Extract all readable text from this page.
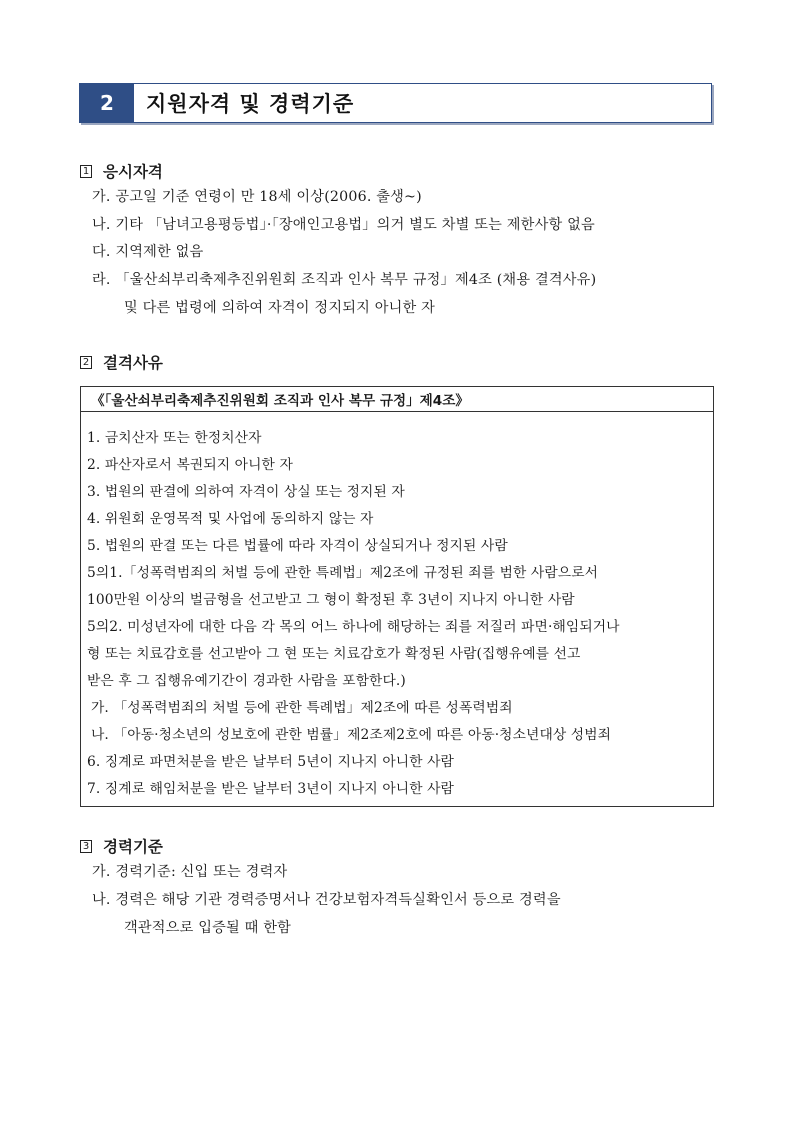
2	지원자격 및 경력기준
1 응시자격
가. 공고일 기준 연령이 만 18세 이상(2006. 출생~)
나. 기타 「남녀고용평등법」·「장애인고용법」의거 별도 차별 또는 제한사항 없음
다. 지역제한 없음
라. 「울산쇠부리축제추진위원회 조직과 인사 복무 규정」제4조 (채용 결격사유)
및 다른 법령에 의하여 자격이 정지되지 아니한 자
2 결격사유
《「울산쇠부리축제추진위원회 조직과 인사 복무 규정」제4조》
1. 금치산자 또는 한정치산자
2. 파산자로서 복권되지 아니한 자
3. 법원의 판결에 의하여 자격이 상실 또는 정지된 자
4. 위원회 운영목적 및 사업에 동의하지 않는 자
5. 법원의 판결 또는 다른 법률에 따라 자격이 상실되거나 정지된 사람
5의1.「성폭력범죄의 처벌 등에 관한 특례법」제2조에 규정된 죄를 범한 사람으로서
100만원 이상의 벌금형을 선고받고 그 형이 확정된 후 3년이 지나지 아니한 사람
5의2. 미성년자에 대한 다음 각 목의 어느 하나에 해당하는 죄를 저질러 파면·해임되거나
형 또는 치료감호를 선고받아 그 현 또는 치료감호가 확정된 사람(집행유예를 선고
받은 후 그 집행유예기간이 경과한 사람을 포함한다.)
가. 「성폭력범죄의 처벌 등에 관한 특례법」제2조에 따른 성폭력범죄
나. 「아동·청소년의 성보호에 관한 범률」제2조제2호에 따른 아동·청소년대상 성범죄
6. 징계로 파면처분을 받은 날부터 5년이 지나지 아니한 사람
7. 징계로 해임처분을 받은 날부터 3년이 지나지 아니한 사람
3 경력기준
가. 경력기준: 신입 또는 경력자
나. 경력은 해당 기관 경력증명서나 건강보험자격득실확인서 등으로 경력을
객관적으로 입증될 때 한함
